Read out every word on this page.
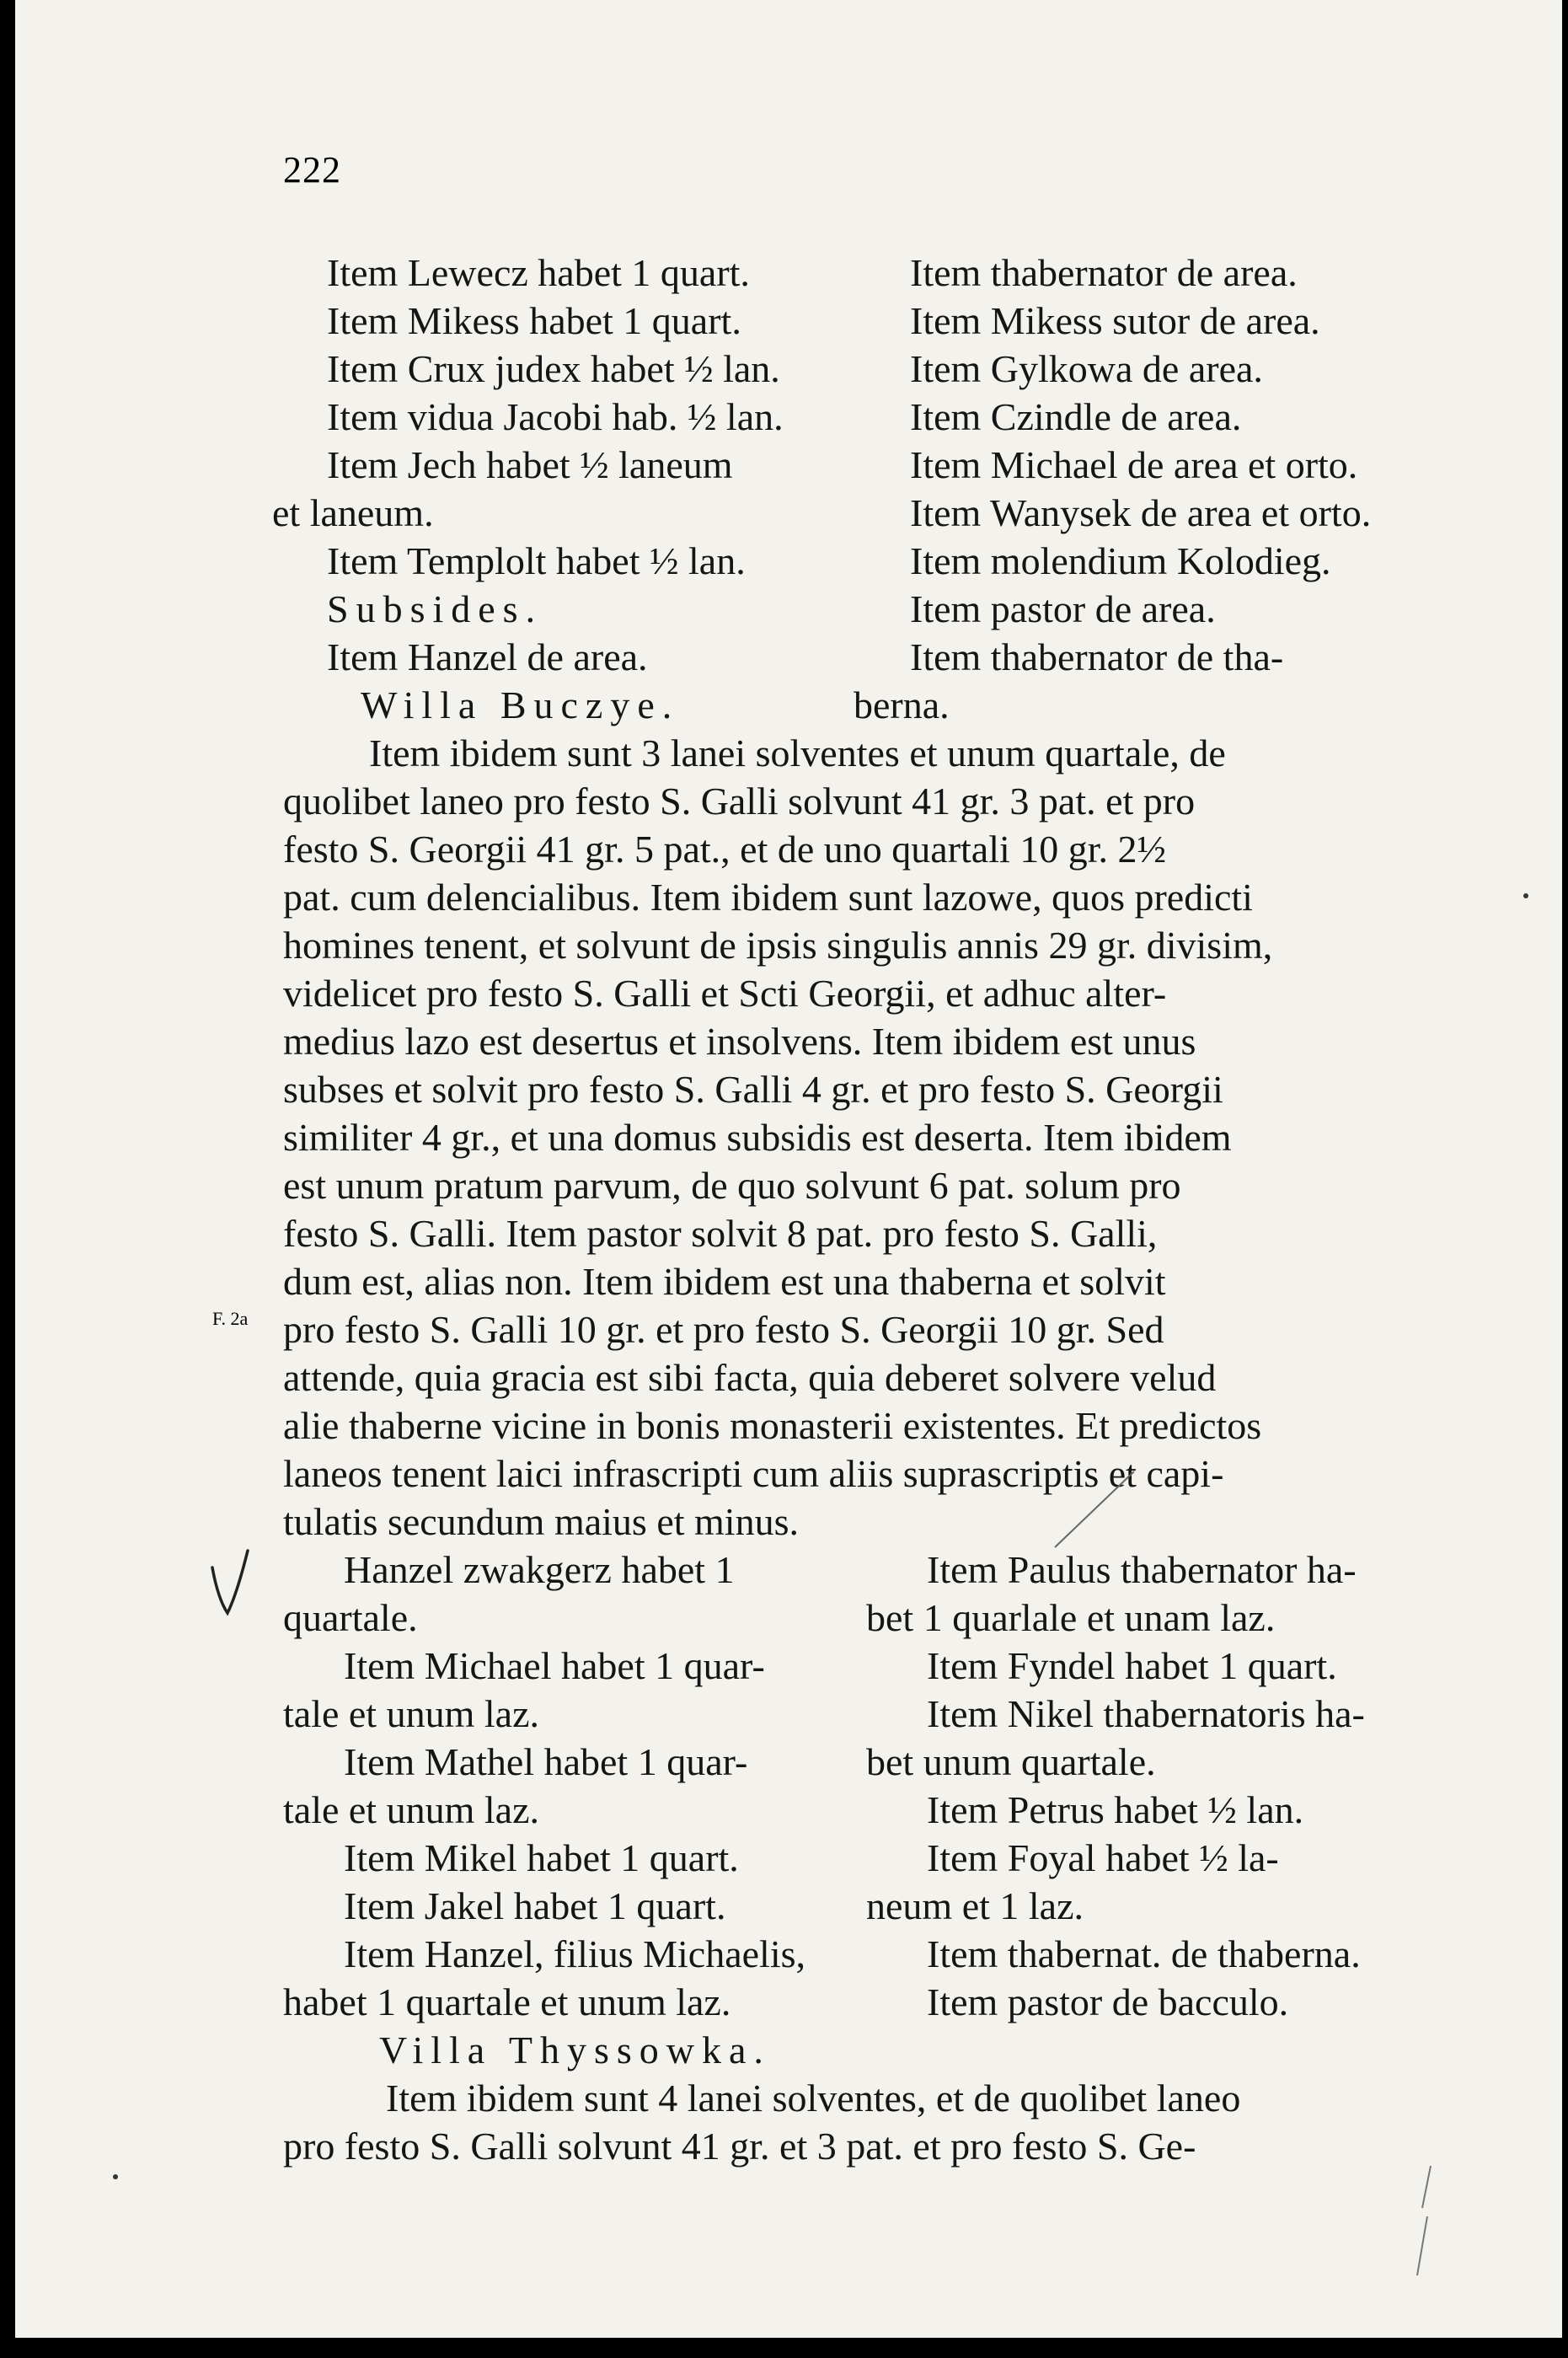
222
Item Lewecz habet 1 quart.	Item thabernator de area.
Item Mikess habet 1 quart.	Item Mikess sutor de area.
Item Crux judex habet ½ lan.	Item Gylkowa de area.
Item vidua Jacobi hab. ½ lan.	Item Czindle de area.
Item Jech habet ½ laneum	Item Michael de area et orto.
et laneum.	Item Wanysek de area et orto.
Item Templolt habet ½ lan.	Item molendium Kolodieg.
Subsides.	Item pastor de area.
Item Hanzel de area.	Item thabernator de tha-
Willa Buczye.	berna.
Item ibidem sunt 3 lanei solventes et unum quartale, de
quolibet laneo pro festo S. Galli solvunt 41 gr. 3 pat. et pro
festo S. Georgii 41 gr. 5 pat., et de uno quartali 10 gr. 2½
pat. cum delencialibus. Item ibidem sunt lazowe, quos predicti
homines tenent, et solvunt de ipsis singulis annis 29 gr. divisim,
videlicet pro festo S. Galli et Scti Georgii, et adhuc alter-
medius lazo est desertus et insolvens. Item ibidem est unus
subses et solvit pro festo S. Galli 4 gr. et pro festo S. Georgii
similiter 4 gr., et una domus subsidis est deserta. Item ibidem
est unum pratum parvum, de quo solvunt 6 pat. solum pro
festo S. Galli. Item pastor solvit 8 pat. pro festo S. Galli,
dum est, alias non. Item ibidem est una thaberna et solvit
pro festo S. Galli 10 gr. et pro festo S. Georgii 10 gr. Sed
attende, quia gracia est sibi facta, quia deberet solvere velud
alie thaberne vicine in bonis monasterii existentes. Et predictos
laneos tenent laici infrascripti cum aliis suprascriptis et capi-
tulatis secundum maius et minus.
F. 2a
Hanzel zwakgerz habet 1	Item Paulus thabernator ha-
quartale.	bet 1 quarlale et unam laz.
Item Michael habet 1 quar-	Item Fyndel habet 1 quart.
tale et unum laz.	Item Nikel thabernatoris ha-
Item Mathel habet 1 quar-	bet unum quartale.
tale et unum laz.	Item Petrus habet ½ lan.
Item Mikel habet 1 quart.	Item Foyal habet ½ la-
Item Jakel habet 1 quart.	neum et 1 laz.
Item Hanzel, filius Michaelis,	Item thabernat. de thaberna.
habet 1 quartale et unum laz.	Item pastor de bacculo.
Villa Thyssowka.
Item ibidem sunt 4 lanei solventes, et de quolibet laneo
pro festo S. Galli solvunt 41 gr. et 3 pat. et pro festo S. Ge-
